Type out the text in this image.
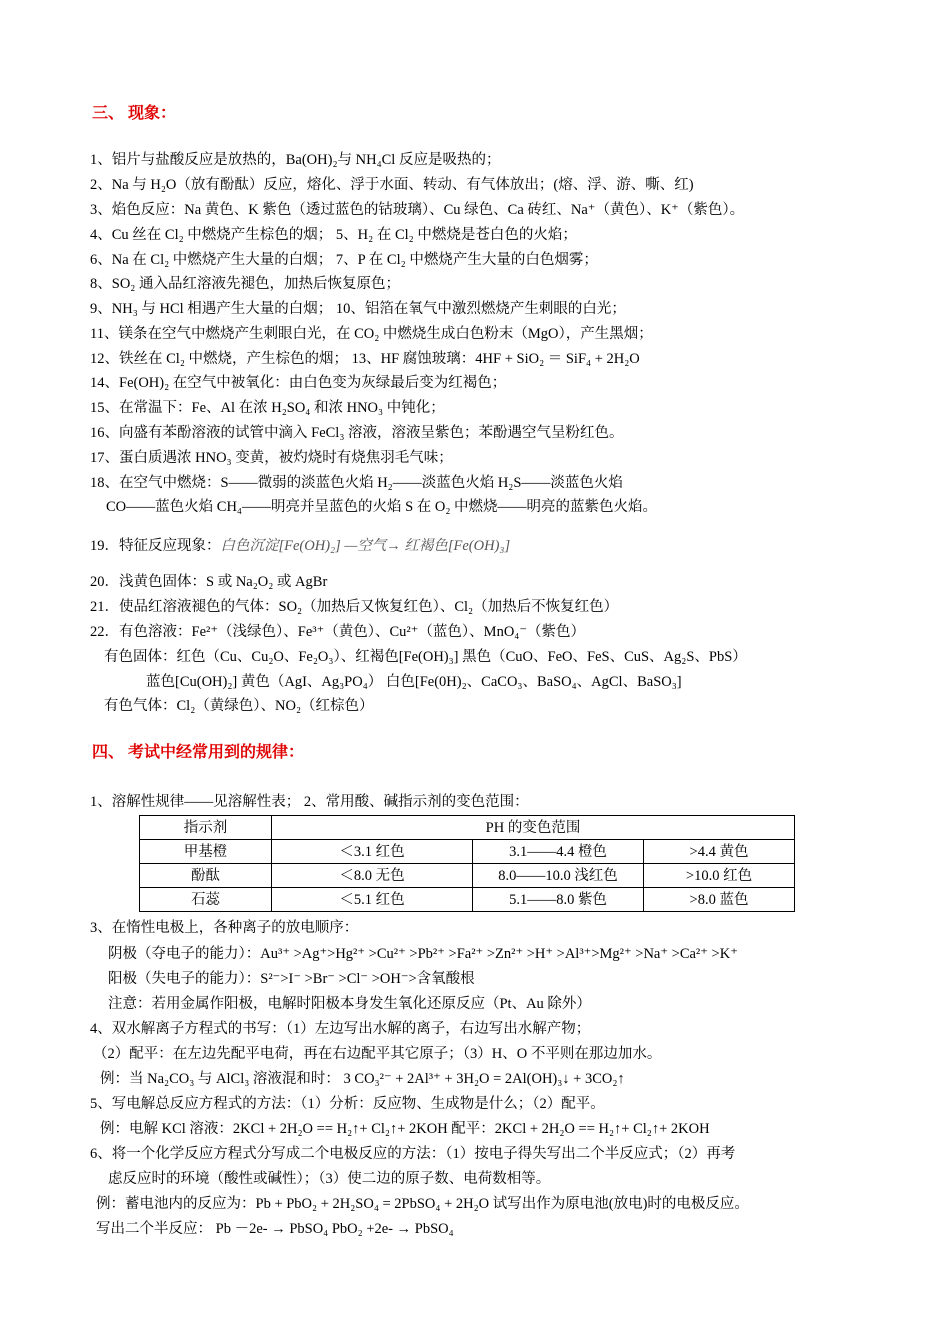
三、 现象：
1、铝片与盐酸反应是放热的，Ba(OH)₂与 NH₄Cl 反应是吸热的；
2、Na 与 H₂O（放有酚酞）反应，熔化、浮于水面、转动、有气体放出；(熔、浮、游、嘶、红)
3、焰色反应：Na 黄色、K 紫色（透过蓝色的钴玻璃）、Cu 绿色、Ca 砖红、Na⁺（黄色）、K⁺（紫色）。
4、Cu 丝在 Cl₂ 中燃烧产生棕色的烟； 5、H₂ 在 Cl₂ 中燃烧是苍白色的火焰；
6、Na 在 Cl₂ 中燃烧产生大量的白烟； 7、P 在 Cl₂ 中燃烧产生大量的白色烟雾；
8、SO₂ 通入品红溶液先褪色，加热后恢复原色；
9、NH₃ 与 HCl 相遇产生大量的白烟； 10、铝箔在氧气中激烈燃烧产生刺眼的白光；
11、镁条在空气中燃烧产生刺眼白光，在 CO₂ 中燃烧生成白色粉末（MgO），产生黑烟；
12、铁丝在 Cl₂ 中燃烧，产生棕色的烟； 13、HF 腐蚀玻璃：4HF + SiO₂ ＝ SiF₄ + 2H₂O
14、Fe(OH)₂ 在空气中被氧化：由白色变为灰绿最后变为红褐色；
15、在常温下：Fe、Al 在浓 H₂SO₄ 和浓 HNO₃ 中钝化；
16、向盛有苯酚溶液的试管中滴入 FeCl₃ 溶液，溶液呈紫色；苯酚遇空气呈粉红色。
17、蛋白质遇浓 HNO₃ 变黄，被灼烧时有烧焦羽毛气味；
18、在空气中燃烧：S——微弱的淡蓝色火焰 H₂——淡蓝色火焰 H₂S——淡蓝色火焰
CO——蓝色火焰 CH₄——明亮并呈蓝色的火焰 S 在 O₂ 中燃烧——明亮的蓝紫色火焰。
19．特征反应现象：白色沉淀[Fe(OH)₂] —空气→ 红褐色[Fe(OH)₃]
20．浅黄色固体：S 或 Na₂O₂ 或 AgBr
21．使品红溶液褪色的气体：SO₂（加热后又恢复红色）、Cl₂（加热后不恢复红色）
22．有色溶液：Fe²⁺（浅绿色）、Fe³⁺（黄色）、Cu²⁺（蓝色）、MnO₄⁻（紫色）
有色固体：红色（Cu、Cu₂O、Fe₂O₃）、红褐色[Fe(OH)₃] 黑色（CuO、FeO、FeS、CuS、Ag₂S、PbS）
蓝色[Cu(OH)₂] 黄色（AgI、Ag₃PO₄） 白色[Fe(0H)₂、CaCO₃、BaSO₄、AgCl、BaSO₃]
有色气体：Cl₂（黄绿色）、NO₂（红棕色）
四、 考试中经常用到的规律：
1、溶解性规律——见溶解性表； 2、常用酸、碱指示剂的变色范围：
指示剂	PH 的变色范围		
甲基橙	＜3.1 红色	3.1——4.4 橙色	>4.4 黄色
酚酞	＜8.0 无色	8.0——10.0 浅红色	>10.0 红色
石蕊	＜5.1 红色	5.1——8.0 紫色	>8.0 蓝色
3、在惰性电极上，各种离子的放电顺序：
阴极（夺电子的能力）：Au³⁺ >Ag⁺>Hg²⁺ >Cu²⁺ >Pb²⁺ >Fa²⁺ >Zn²⁺ >H⁺ >Al³⁺>Mg²⁺ >Na⁺ >Ca²⁺ >K⁺
阳极（失电子的能力）：S²⁻>I⁻ >Br⁻ >Cl⁻ >OH⁻>含氧酸根
注意：若用金属作阳极，电解时阳极本身发生氧化还原反应（Pt、Au 除外）
4、双水解离子方程式的书写：（1）左边写出水解的离子，右边写出水解产物；
（2）配平：在左边先配平电荷，再在右边配平其它原子；（3）H、O 不平则在那边加水。
例：当 Na₂CO₃ 与 AlCl₃ 溶液混和时： 3 CO₃²⁻ + 2Al³⁺ + 3H₂O = 2Al(OH)₃↓ + 3CO₂↑
5、写电解总反应方程式的方法：（1）分析：反应物、生成物是什么；（2）配平。
例：电解 KCl 溶液：2KCl + 2H₂O == H₂↑+ Cl₂↑+ 2KOH 配平：2KCl + 2H₂O == H₂↑+ Cl₂↑+ 2KOH
6、将一个化学反应方程式分写成二个电极反应的方法：（1）按电子得失写出二个半反应式；（2）再考
虑反应时的环境（酸性或碱性）；（3）使二边的原子数、电荷数相等。
例：蓄电池内的反应为：Pb + PbO₂ + 2H₂SO₄ = 2PbSO₄ + 2H₂O 试写出作为原电池(放电)时的电极反应。
写出二个半反应： Pb －2e- → PbSO₄ PbO₂ +2e- → PbSO₄
